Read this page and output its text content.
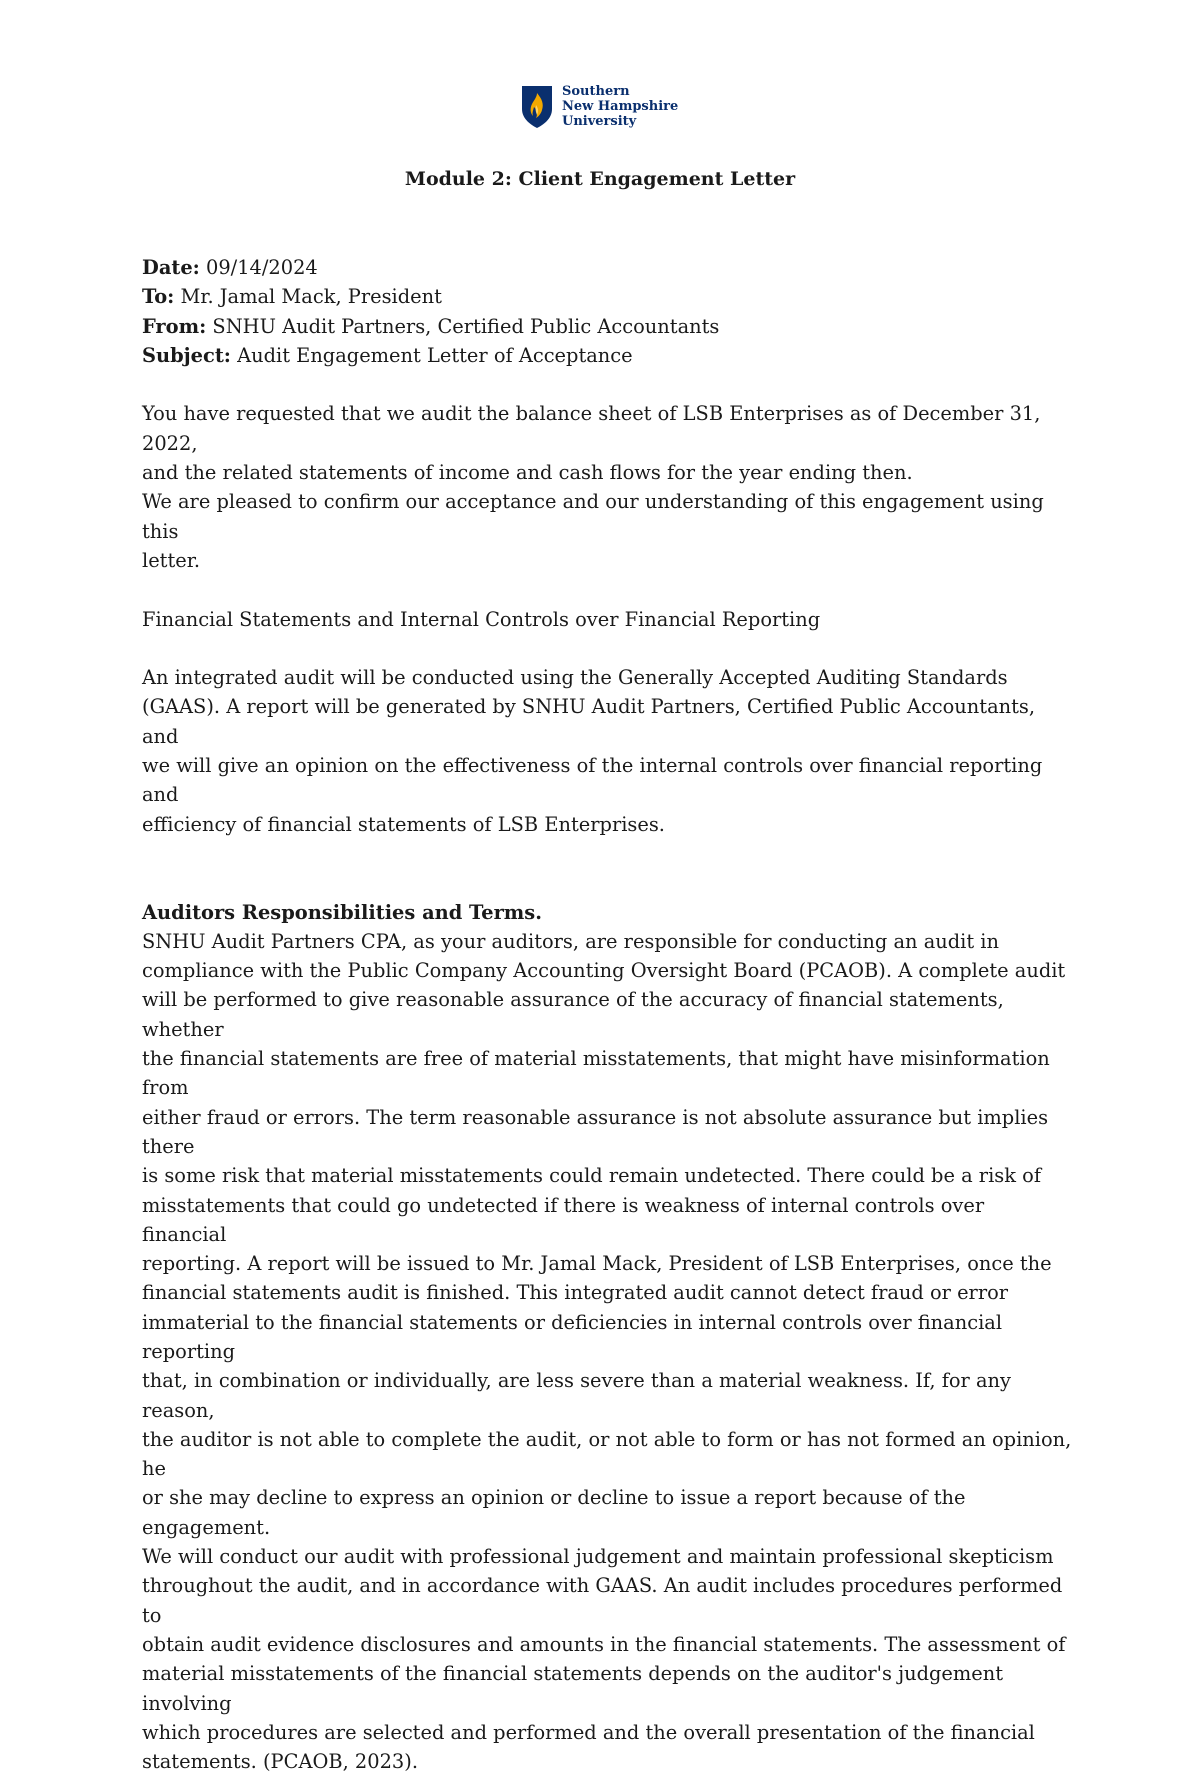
Southern
New Hampshire
University
Module 2: Client Engagement Letter

Date: 09/14/2024

To: Mr. Jamal Mack, President

From: SNHU Audit Partners, Certified Public Accountants

Subject: Audit Engagement Letter of Acceptance

You have requested that we audit the balance sheet of LSB Enterprises as of December 31, 2022,

and the related statements of income and cash flows for the year ending then.

We are pleased to confirm our acceptance and our understanding of this engagement using this

letter.

Financial Statements and Internal Controls over Financial Reporting

An integrated audit will be conducted using the Generally Accepted Auditing Standards

(GAAS). A report will be generated by SNHU Audit Partners, Certified Public Accountants, and

we will give an opinion on the effectiveness of the internal controls over financial reporting and

efficiency of financial statements of LSB Enterprises.

Auditors Responsibilities and Terms.

SNHU Audit Partners CPA, as your auditors, are responsible for conducting an audit in

compliance with the Public Company Accounting Oversight Board (PCAOB). A complete audit

will be performed to give reasonable assurance of the accuracy of financial statements, whether

the financial statements are free of material misstatements, that might have misinformation from

either fraud or errors. The term reasonable assurance is not absolute assurance but implies there

is some risk that material misstatements could remain undetected. There could be a risk of

misstatements that could go undetected if there is weakness of internal controls over financial

reporting. A report will be issued to Mr. Jamal Mack, President of LSB Enterprises, once the

financial statements audit is finished. This integrated audit cannot detect fraud or error

immaterial to the financial statements or deficiencies in internal controls over financial reporting

that, in combination or individually, are less severe than a material weakness. If, for any reason,

the auditor is not able to complete the audit, or not able to form or has not formed an opinion, he

or she may decline to express an opinion or decline to issue a report because of the engagement.

We will conduct our audit with professional judgement and maintain professional skepticism

throughout the audit, and in accordance with GAAS. An audit includes procedures performed to

obtain audit evidence disclosures and amounts in the financial statements. The assessment of

material misstatements of the financial statements depends on the auditor's judgement involving

which procedures are selected and performed and the overall presentation of the financial

statements. (PCAOB, 2023).
